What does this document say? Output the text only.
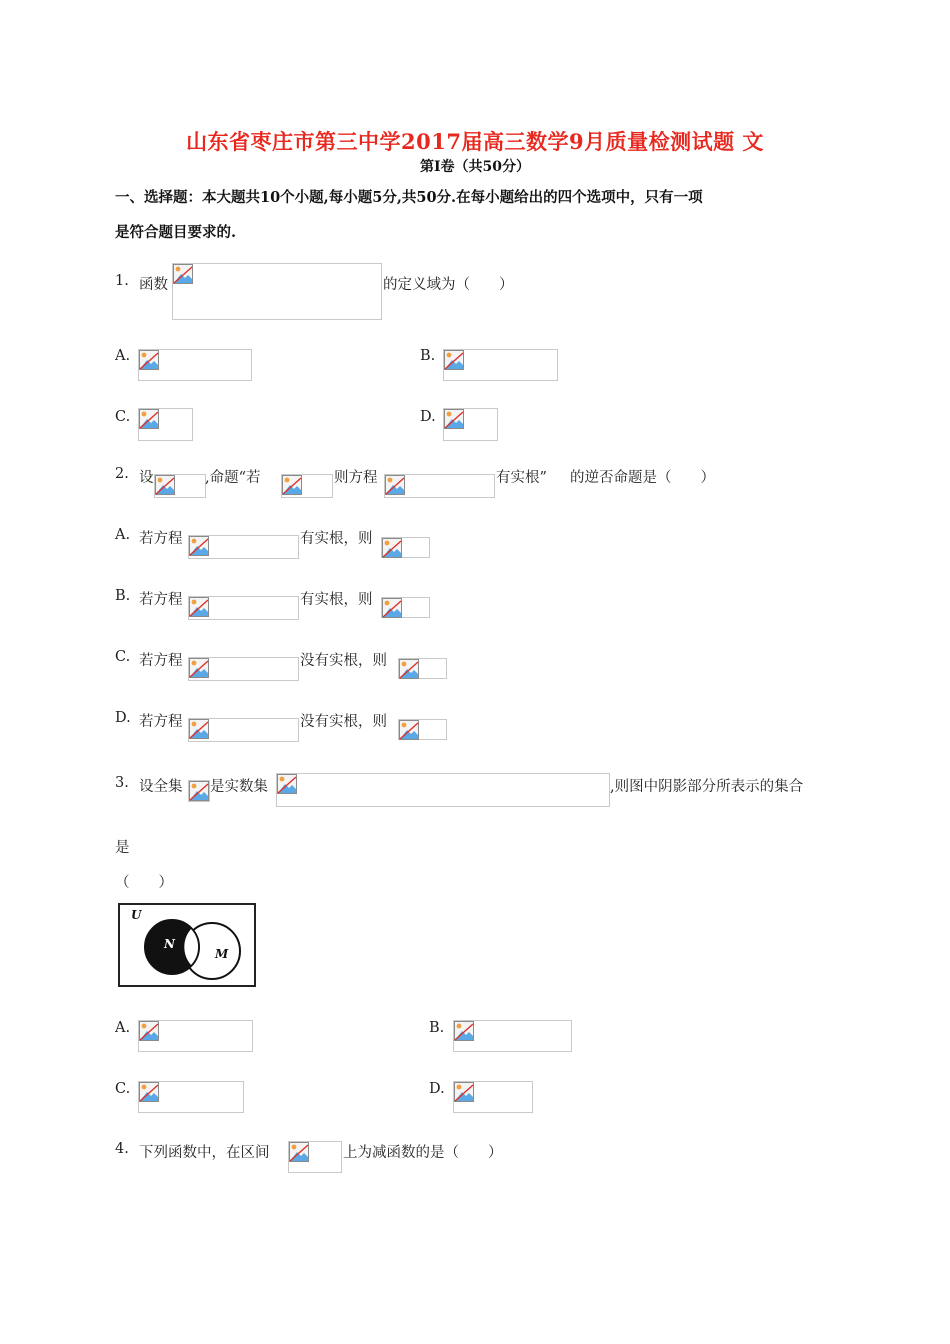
山东省枣庄市第三中学2017届高三数学9月质量检测试题 文
第I卷（共50分）
一、选择题：本大题共10个小题,每小题5分,共50分.在每小题给出的四个选项中，只有一项
是符合题目要求的.
1. 函数	的定义域为（　　）
A.	B.
C.	D.
2. 设	,命题“若	则方程	有实根” 的逆否命题是（　　）
A. 若方程	有实根，则
B. 若方程	有实根，则
C. 若方程	没有实根，则
D. 若方程	没有实根，则
3. 设全集 是实数集	,则图中阴影部分所表示的集合
是
（　　）
U
N
M
A.	B.
C.	D.
4. 下列函数中，在区间	上为减函数的是（　　）
